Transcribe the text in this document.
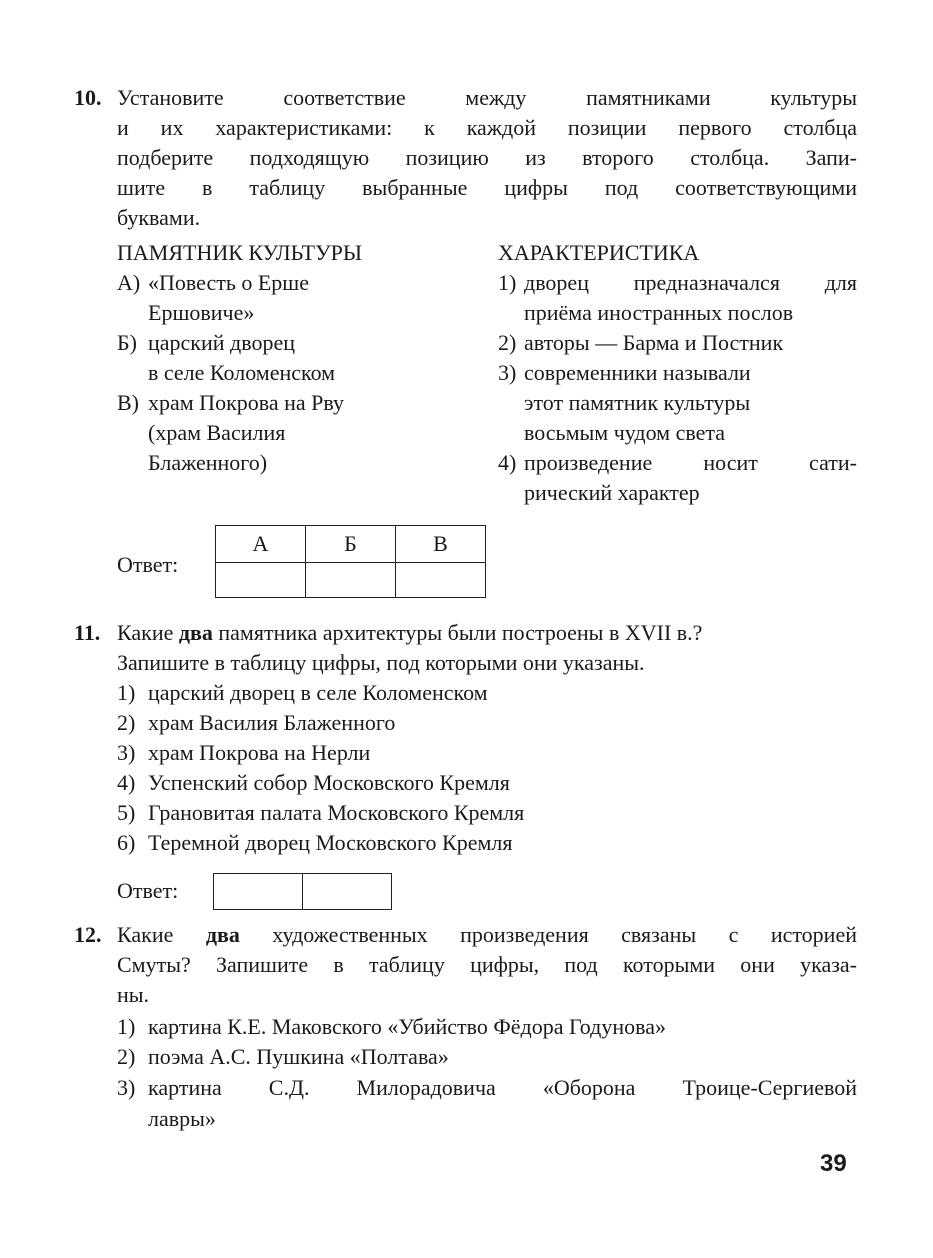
10. Установите соответствие между памятниками культуры
и их характеристиками: к каждой позиции первого столбца
подберите подходящую позицию из второго столбца. Запи-
шите в таблицу выбранные цифры под соответствующими
буквами.
ПАМЯТНИК КУЛЬТУРЫ	ХАРАКТЕРИСТИКА
А) «Повесть о Ерше
Ершовиче»
Б) царский дворец
в селе Коломенском
В) храм Покрова на Рву
(храм Василия
Блаженного)
1) дворец предназначался для
приёма иностранных послов
2) авторы — Барма и Постник
3) современники называли
этот памятник культуры
восьмым чудом света
4) произведение носит сати-
рический характер
Ответ:
А	Б	В

11. Какие два памятника архитектуры были построены в XVII в.?
Запишите в таблицу цифры, под которыми они указаны.
1) царский дворец в селе Коломенском
2) храм Василия Блаженного
3) храм Покрова на Нерли
4) Успенский собор Московского Кремля
5) Грановитая палата Московского Кремля
6) Теремной дворец Московского Кремля
Ответ:

12. Какие два художественных произведения связаны с историей
Смуты? Запишите в таблицу цифры, под которыми они указа-
ны.
1) картина К.Е. Маковского «Убийство Фёдора Годунова»
2) поэма А.С. Пушкина «Полтава»
3) картина С.Д. Милорадовича «Оборона Троице-Сергиевой
лавры»
39
